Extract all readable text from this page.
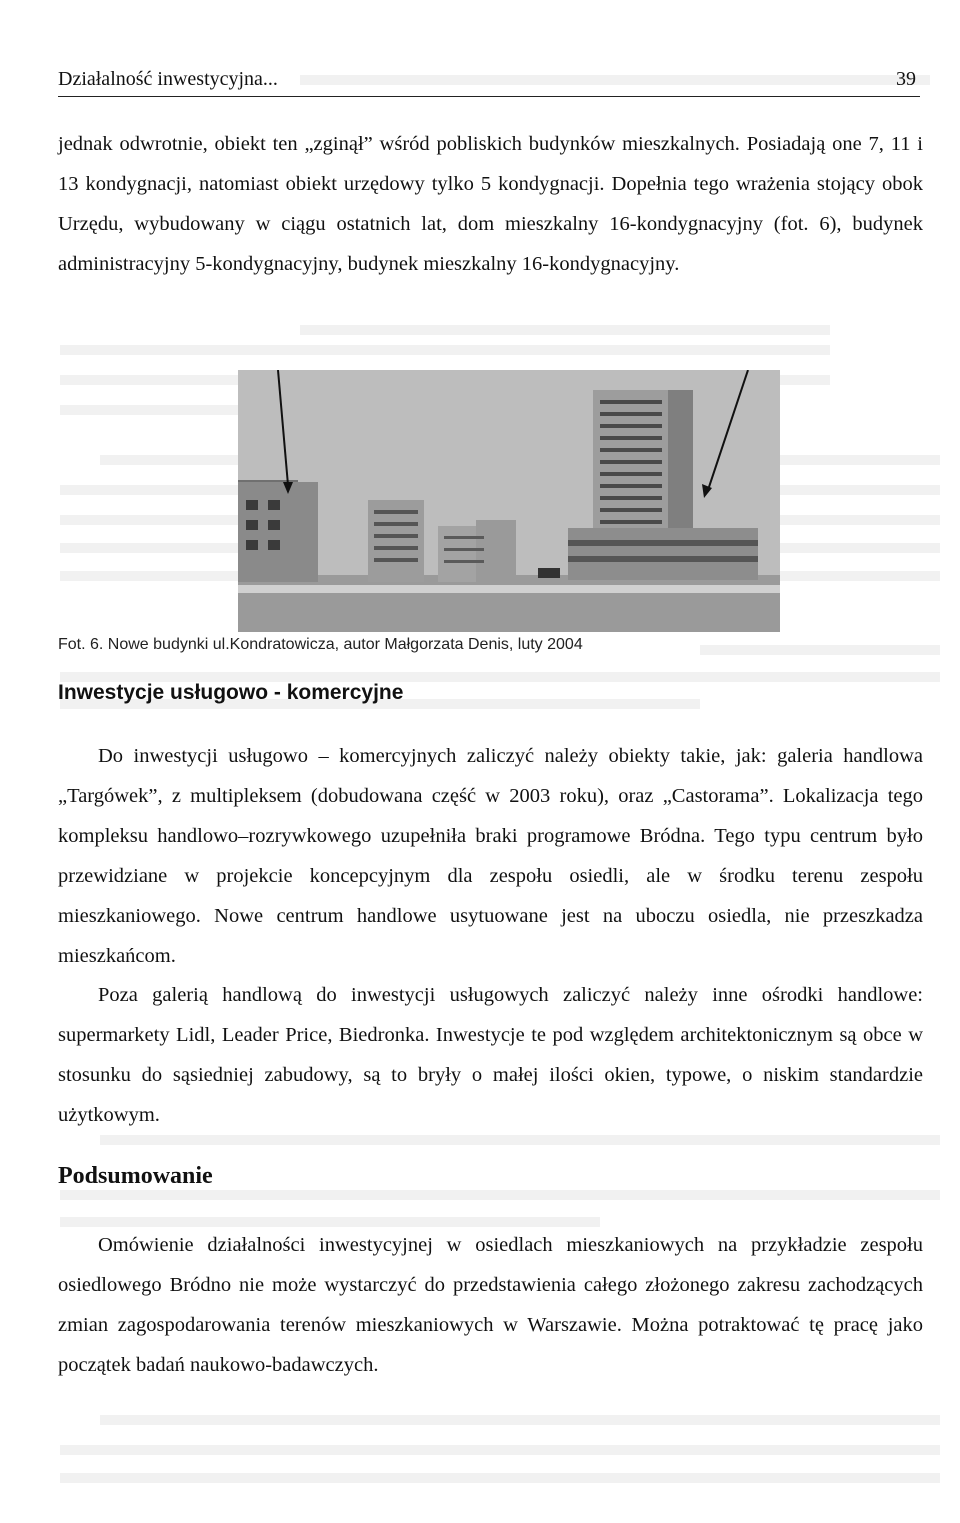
Działalność inwestycyjna...	39

jednak odwrotnie, obiekt ten „zginął” wśród pobliskich budynków mieszkalnych. Posiadają one 7, 11 i 13 kondygnacji, natomiast obiekt urzędowy tylko 5 kondygnacji. Dopełnia tego wrażenia stojący obok Urzędu, wybudowany w ciągu ostatnich lat, dom mieszkalny 16-kondygnacyjny (fot. 6), budynek administracyjny 5-kondygnacyjny, budynek mieszkalny 16-kondygnacyjny.

Fot. 6. Nowe budynki ul.Kondratowicza, autor Małgorzata Denis, luty 2004
Inwestycje usługowo - komercyjne

Do inwestycji usługowo – komercyjnych zaliczyć należy obiekty takie, jak: galeria handlowa „Targówek”, z multipleksem (dobudowana część w 2003 roku), oraz „Castorama”. Lokalizacja tego kompleksu handlowo–rozrywkowego uzupełniła braki programowe Bródna. Tego typu centrum było przewidziane w projekcie koncepcyjnym dla zespołu osiedli, ale w środku terenu zespołu mieszkaniowego. Nowe centrum handlowe usytuowane jest na uboczu osiedla, nie przeszkadza mieszkańcom.

Poza galerią handlową do inwestycji usługowych zaliczyć należy inne ośrodki handlowe: supermarkety Lidl, Leader Price, Biedronka. Inwestycje te pod względem architektonicznym są obce w stosunku do sąsiedniej zabudowy, są to bryły o małej ilości okien, typowe, o niskim standardzie użytkowym.

Podsumowanie

Omówienie działalności inwestycyjnej w osiedlach mieszkaniowych na przykładzie zespołu osiedlowego Bródno nie może wystarczyć do przedstawienia całego złożonego zakresu zachodzących zmian zagospodarowania terenów mieszkaniowych w Warszawie. Można potraktować tę pracę jako początek badań naukowo-badawczych.
